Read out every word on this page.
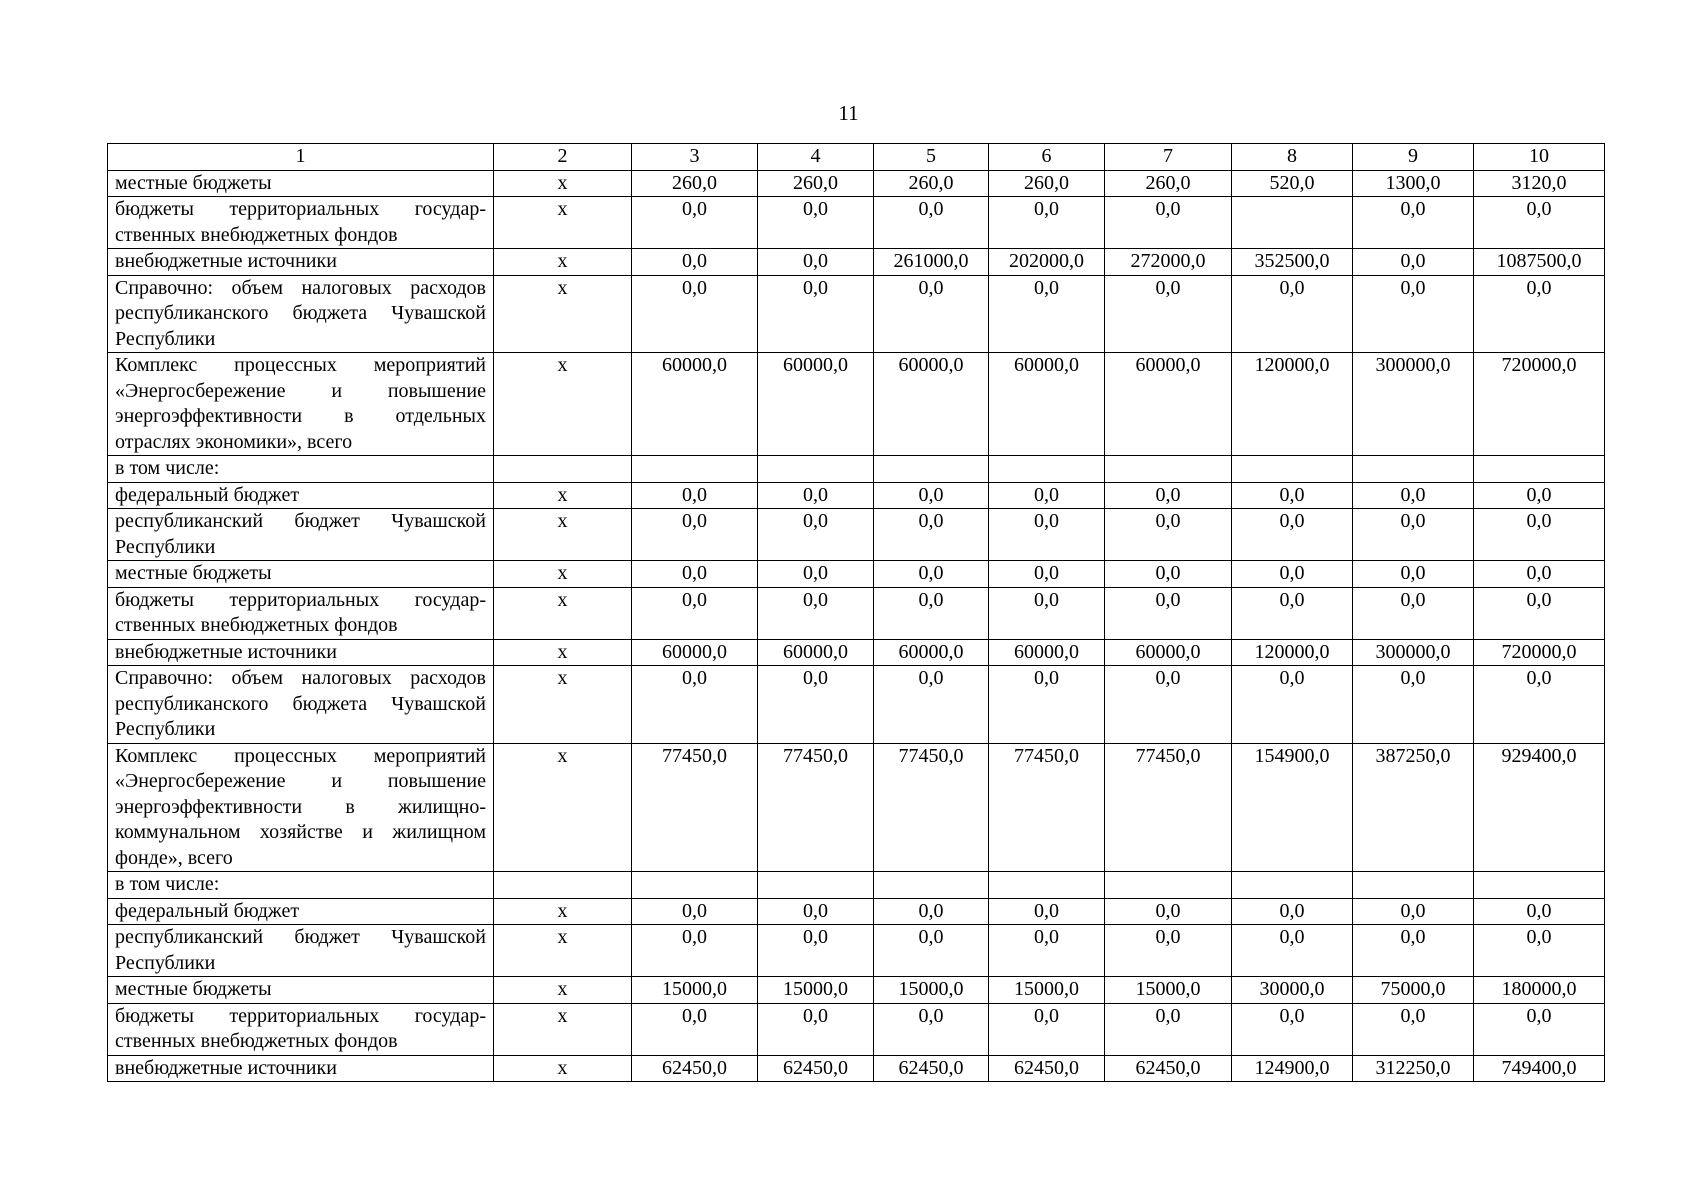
11
1	2	3	4	5	6	7	8	9	10
местные бюджеты	х	260,0	260,0	260,0	260,0	260,0	520,0	1300,0	3120,0
бюджеты территориальных государственных внебюджетных фондов	х	0,0	0,0	0,0	0,0	0,0		0,0	0,0
внебюджетные источники	х	0,0	0,0	261000,0	202000,0	272000,0	352500,0	0,0	1087500,0
Справочно: объем налоговых расходов республиканского бюджета Чувашской Республики	х	0,0	0,0	0,0	0,0	0,0	0,0	0,0	0,0
Комплекс процессных мероприятий «Энергосбережение и повышение энергоэффективности в отдельных отраслях экономики», всего	х	60000,0	60000,0	60000,0	60000,0	60000,0	120000,0	300000,0	720000,0
в том числе:									
федеральный бюджет	х	0,0	0,0	0,0	0,0	0,0	0,0	0,0	0,0
республиканский бюджет Чувашской Республики	х	0,0	0,0	0,0	0,0	0,0	0,0	0,0	0,0
местные бюджеты	х	0,0	0,0	0,0	0,0	0,0	0,0	0,0	0,0
бюджеты территориальных государственных внебюджетных фондов	х	0,0	0,0	0,0	0,0	0,0	0,0	0,0	0,0
внебюджетные источники	х	60000,0	60000,0	60000,0	60000,0	60000,0	120000,0	300000,0	720000,0
Справочно: объем налоговых расходов республиканского бюджета Чувашской Республики	х	0,0	0,0	0,0	0,0	0,0	0,0	0,0	0,0
Комплекс процессных мероприятий «Энергосбережение и повышение энергоэффективности в жилищно-коммунальном хозяйстве и жилищном фонде», всего	х	77450,0	77450,0	77450,0	77450,0	77450,0	154900,0	387250,0	929400,0
в том числе:									
федеральный бюджет	х	0,0	0,0	0,0	0,0	0,0	0,0	0,0	0,0
республиканский бюджет Чувашской Республики	х	0,0	0,0	0,0	0,0	0,0	0,0	0,0	0,0
местные бюджеты	х	15000,0	15000,0	15000,0	15000,0	15000,0	30000,0	75000,0	180000,0
бюджеты территориальных государственных внебюджетных фондов	х	0,0	0,0	0,0	0,0	0,0	0,0	0,0	0,0
внебюджетные источники	х	62450,0	62450,0	62450,0	62450,0	62450,0	124900,0	312250,0	749400,0
